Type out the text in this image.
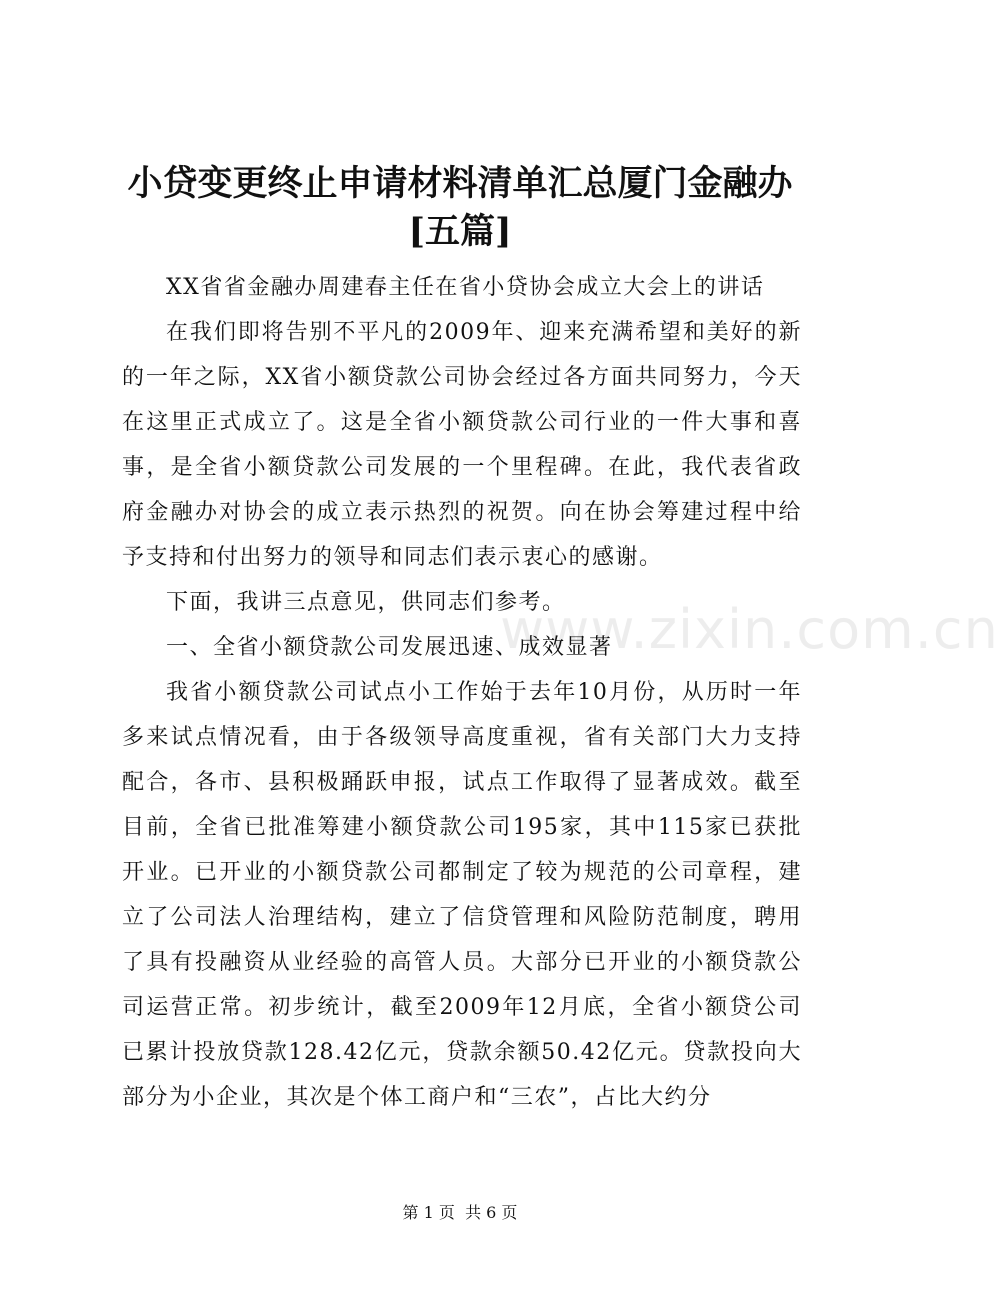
小贷变更终止申请材料清单汇总厦门金融办
[五篇]

XX省省金融办周建春主任在省小贷协会成立大会上的讲话

在我们即将告别不平凡的2009年、迎来充满希望和美好的新的一年之际，XX省小额贷款公司协会经过各方面共同努力，今天在这里正式成立了。这是全省小额贷款公司行业的一件大事和喜事，是全省小额贷款公司发展的一个里程碑。在此，我代表省政府金融办对协会的成立表示热烈的祝贺。向在协会筹建过程中给予支持和付出努力的领导和同志们表示衷心的感谢。

下面，我讲三点意见，供同志们参考。

一、全省小额贷款公司发展迅速、成效显著

我省小额贷款公司试点小工作始于去年10月份，从历时一年多来试点情况看，由于各级领导高度重视，省有关部门大力支持配合，各市、县积极踊跃申报，试点工作取得了显著成效。截至目前，全省已批准筹建小额贷款公司195家，其中115家已获批开业。已开业的小额贷款公司都制定了较为规范的公司章程，建立了公司法人治理结构，建立了信贷管理和风险防范制度，聘用了具有投融资从业经验的高管人员。大部分已开业的小额贷款公司运营正常。初步统计，截至2009年12月底，全省小额贷公司已累计投放贷款128.42亿元，贷款余额50.42亿元。贷款投向大部分为小企业，其次是个体工商户和“三农”，占比大约分

www.zixin.com.cn
第 1 页  共 6 页
